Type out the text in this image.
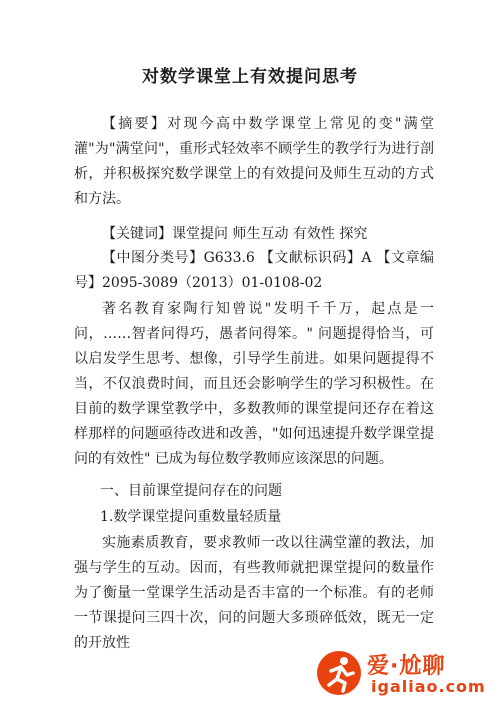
对数学课堂上有效提问思考

【摘要】对现今高中数学课堂上常见的变"满堂灌"为"满堂问"，重形式轻效率不顾学生的教学行为进行剖析，并积极探究数学课堂上的有效提问及师生互动的方式和方法。

【关键词】课堂提问 师生互动 有效性 探究

【中图分类号】G633.6 【文献标识码】A 【文章编号】2095-3089（2013）01-0108-02

著名教育家陶行知曾说"发明千千万，起点是一问，……智者问得巧，愚者问得笨。" 问题提得恰当，可以启发学生思考、想像，引导学生前进。如果问题提得不当，不仅浪费时间，而且还会影响学生的学习积极性。在目前的数学课堂教学中，多数教师的课堂提问还存在着这样那样的问题亟待改进和改善，"如何迅速提升数学课堂提问的有效性" 已成为每位数学教师应该深思的问题。

一、目前课堂提问存在的问题

1.数学课堂提问重数量轻质量

实施素质教育，要求教师一改以往满堂灌的教法，加强与学生的互动。因而，有些教师就把课堂提问的数量作为了衡量一堂课学生活动是否丰富的一个标准。有的老师一节课提问三四十次，问的问题大多琐碎低效，既无一定的开放性

爱·尬聊
igaliao.com
